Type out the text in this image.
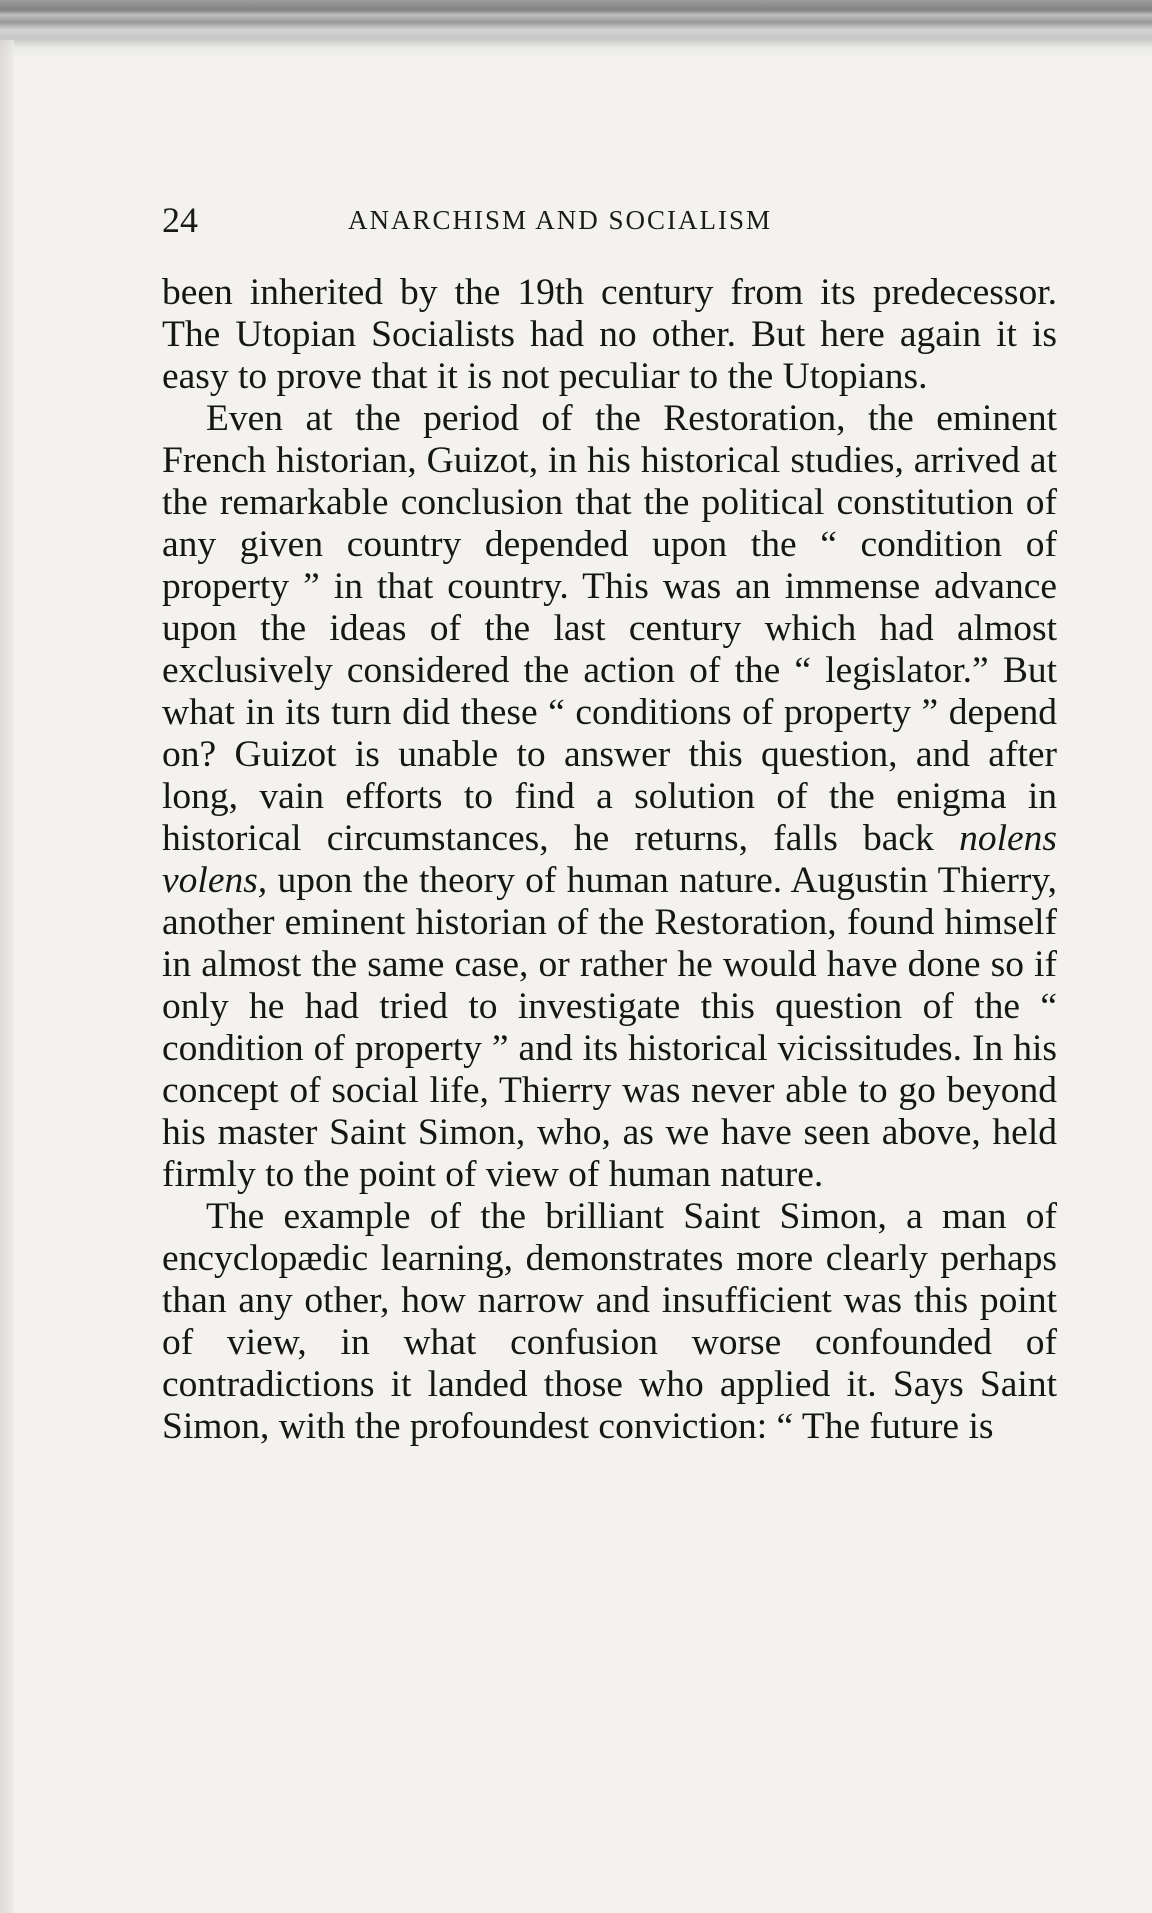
24	ANARCHISM AND SOCIALISM

been inherited by the 19th century from its predecessor. The Utopian Socialists had no other. But here again it is easy to prove that it is not peculiar to the Utopians.

Even at the period of the Restoration, the eminent French historian, Guizot, in his historical studies, arrived at the remarkable conclusion that the political constitution of any given country depended upon the “ condition of property ” in that country. This was an immense advance upon the ideas of the last century which had almost exclusively considered the action of the “ legislator.” But what in its turn did these “ conditions of property ” depend on? Guizot is unable to answer this question, and after long, vain efforts to find a solution of the enigma in historical circumstances, he returns, falls back nolens volens, upon the theory of human nature. Augustin Thierry, another eminent historian of the Restoration, found himself in almost the same case, or rather he would have done so if only he had tried to investigate this question of the “ condition of property ” and its historical vicissitudes. In his concept of social life, Thierry was never able to go beyond his master Saint Simon, who, as we have seen above, held firmly to the point of view of human nature.

The example of the brilliant Saint Simon, a man of encyclopædic learning, demonstrates more clearly perhaps than any other, how narrow and insufficient was this point of view, in what confusion worse confounded of contradictions it landed those who applied it. Says Saint Simon, with the profoundest conviction: “ The future is
